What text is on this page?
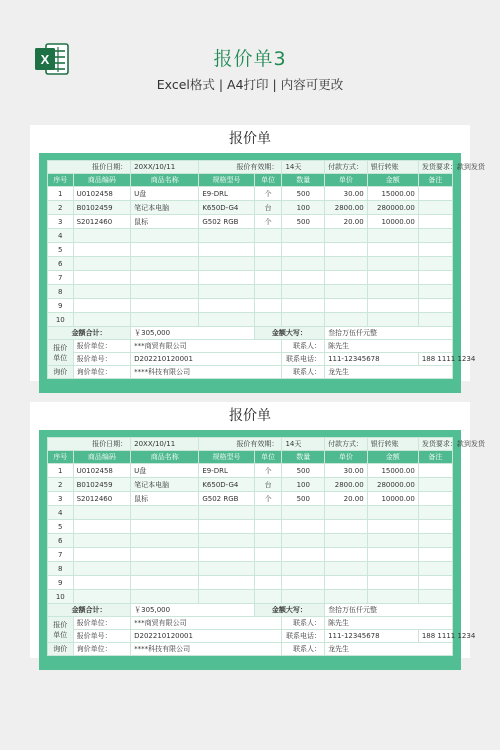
X	报价单3
Excel格式 | A4打印 | 内容可更改
报价单
报价日期：		20XX/10/11	报价有效期：		14天	付款方式：	银行转账	发货要求：款到发货
序号	商品编码	商品名称	规格型号	单位	数量	单价	金额	备注
1	U0102458	U盘	E9-DRL	个	500	30.00	15000.00	
2	B0102459	笔记本电脑	K650D-G4	台	100	2800.00	280000.00	
3	S2012460	鼠标	G502 RGB	个	500	20.00	10000.00	
4								
5								
6								
7								
8								
9								
10								
金额合计：		￥305,000		金额大写：		叁拾万伍仟元整		
报价单位	报价单位：	***商贸有限公司			联系人：	陈先生		
	报价单号：	D202210120001			联系电话：	111-12345678		188 1111 1234
询价	询价单位：	****科技有限公司			联系人：	龙先生		
报价单
报价日期：		20XX/10/11	报价有效期：		14天	付款方式：	银行转账	发货要求：款到发货
序号	商品编码	商品名称	规格型号	单位	数量	单价	金额	备注
1	U0102458	U盘	E9-DRL	个	500	30.00	15000.00	
2	B0102459	笔记本电脑	K650D-G4	台	100	2800.00	280000.00	
3	S2012460	鼠标	G502 RGB	个	500	20.00	10000.00	
4								
5								
6								
7								
8								
9								
10								
金额合计：		￥305,000		金额大写：		叁拾万伍仟元整		
报价单位	报价单位：	***商贸有限公司			联系人：	陈先生		
	报价单号：	D202210120001			联系电话：	111-12345678		188 1111 1234
询价	询价单位：	****科技有限公司			联系人：	龙先生		
